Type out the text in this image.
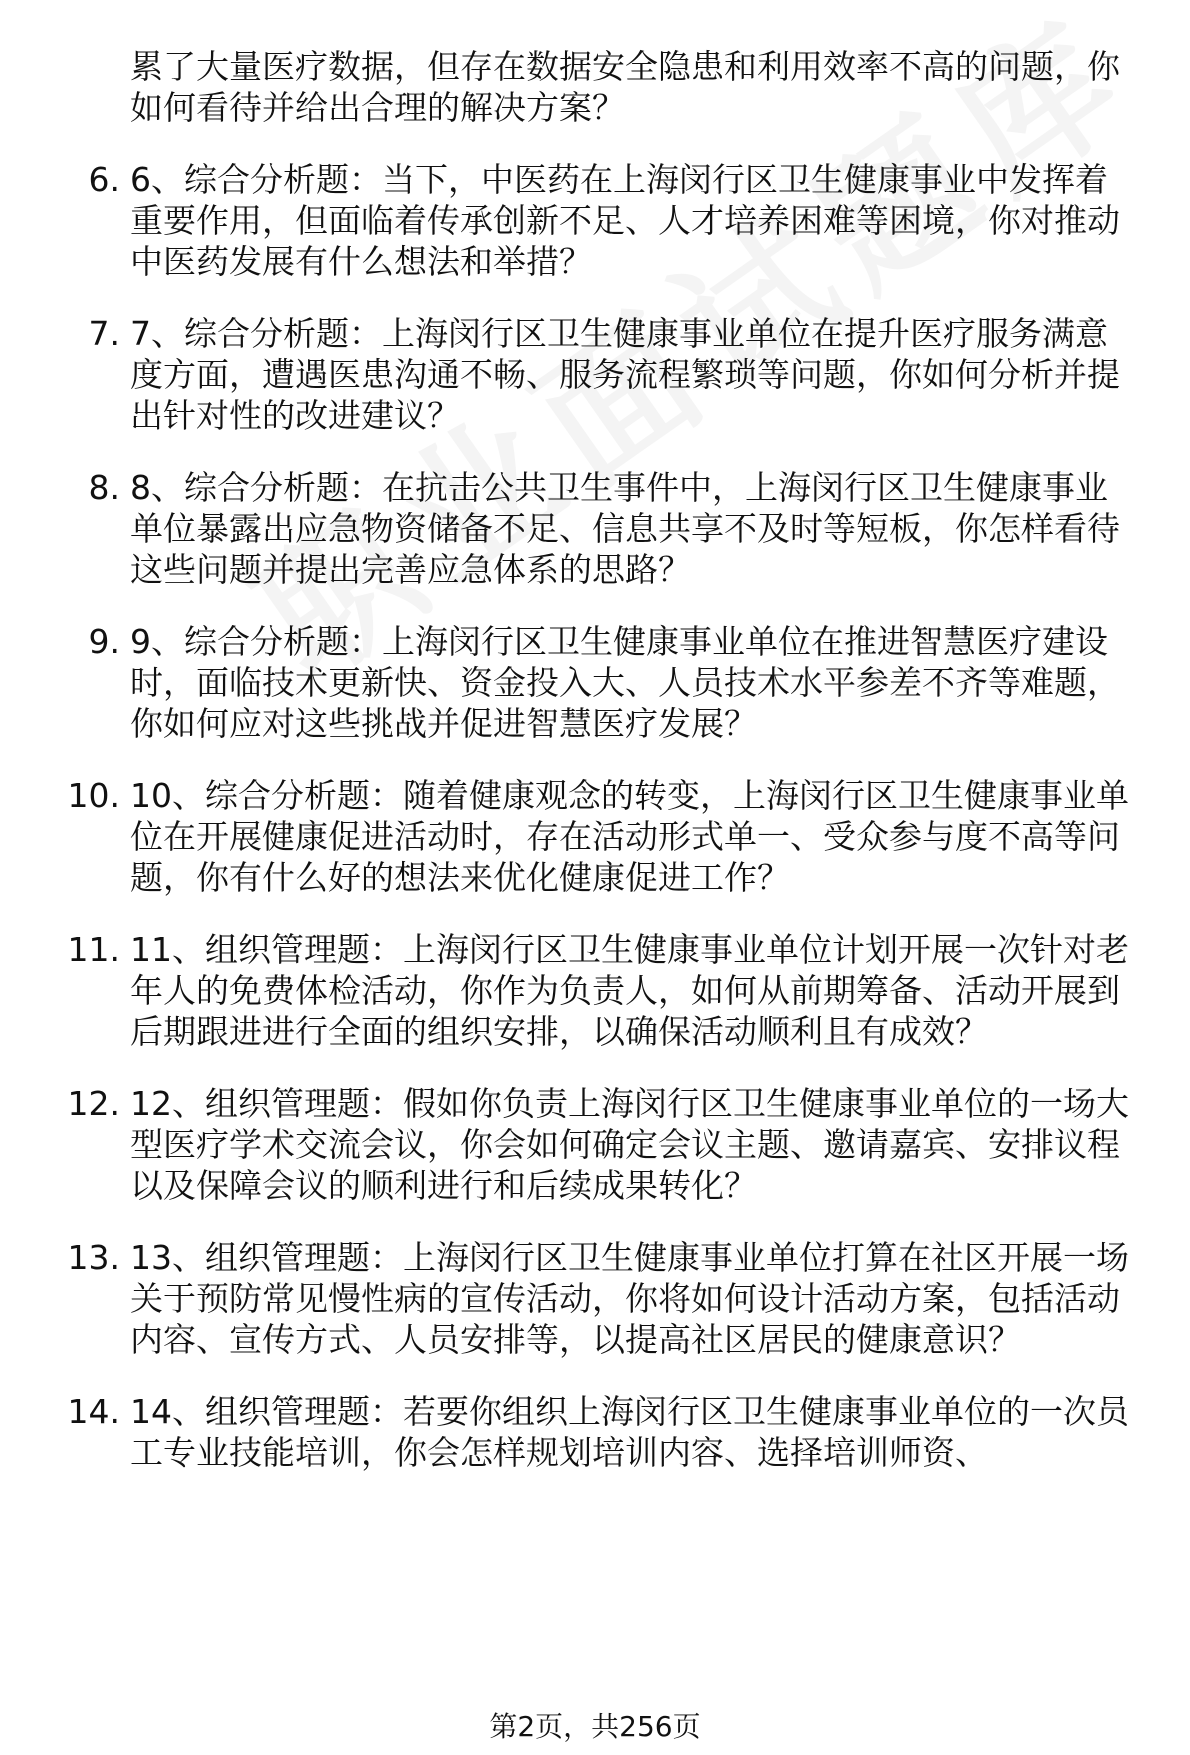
累了大量医疗数据，但存在数据安全隐患和利用效率不高的问题，你如何看待并给出合理的解决方案？

6. 6、综合分析题：当下，中医药在上海闵行区卫生健康事业中发挥着重要作用，但面临着传承创新不足、人才培养困难等困境，你对推动中医药发展有什么想法和举措？
7. 7、综合分析题：上海闵行区卫生健康事业单位在提升医疗服务满意度方面，遭遇医患沟通不畅、服务流程繁琐等问题，你如何分析并提出针对性的改进建议？
8. 8、综合分析题：在抗击公共卫生事件中，上海闵行区卫生健康事业单位暴露出应急物资储备不足、信息共享不及时等短板，你怎样看待这些问题并提出完善应急体系的思路？
9. 9、综合分析题：上海闵行区卫生健康事业单位在推进智慧医疗建设时，面临技术更新快、资金投入大、人员技术水平参差不齐等难题，你如何应对这些挑战并促进智慧医疗发展？
10. 10、综合分析题：随着健康观念的转变，上海闵行区卫生健康事业单位在开展健康促进活动时，存在活动形式单一、受众参与度不高等问题，你有什么好的想法来优化健康促进工作？
11. 11、组织管理题：上海闵行区卫生健康事业单位计划开展一次针对老年人的免费体检活动，你作为负责人，如何从前期筹备、活动开展到后期跟进进行全面的组织安排，以确保活动顺利且有成效？
12. 12、组织管理题：假如你负责上海闵行区卫生健康事业单位的一场大型医疗学术交流会议，你会如何确定会议主题、邀请嘉宾、安排议程以及保障会议的顺利进行和后续成果转化？
13. 13、组织管理题：上海闵行区卫生健康事业单位打算在社区开展一场关于预防常见慢性病的宣传活动，你将如何设计活动方案，包括活动内容、宣传方式、人员安排等，以提高社区居民的健康意识？
14. 14、组织管理题：若要你组织上海闵行区卫生健康事业单位的一次员工专业技能培训，你会怎样规划培训内容、选择培训师资、
第2页，共256页
